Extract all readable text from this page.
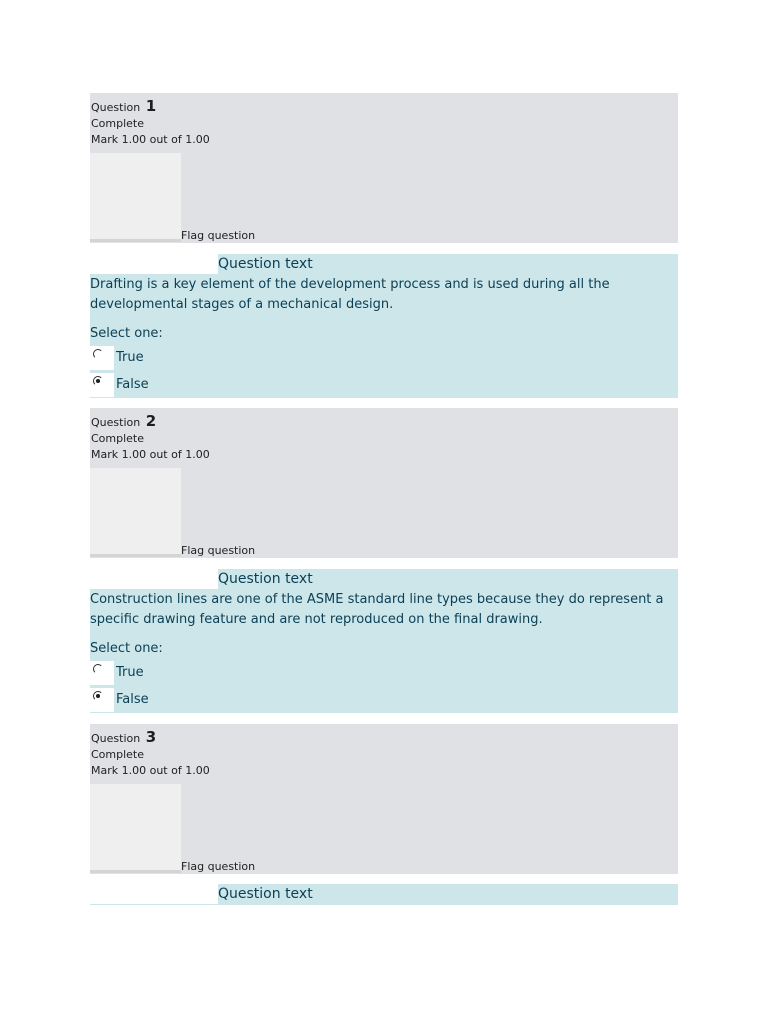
Question 1
Complete
Mark 1.00 out of 1.00
Flag question
Question text
Drafting is a key element of the development process and is used during all the developmental stages of a mechanical design.
Select one:
True
False
Question 2
Complete
Mark 1.00 out of 1.00
Flag question
Question text
Construction lines are one of the ASME standard line types because they do represent a specific drawing feature and are not reproduced on the final drawing.
Select one:
True
False
Question 3
Complete
Mark 1.00 out of 1.00
Flag question
Question text
